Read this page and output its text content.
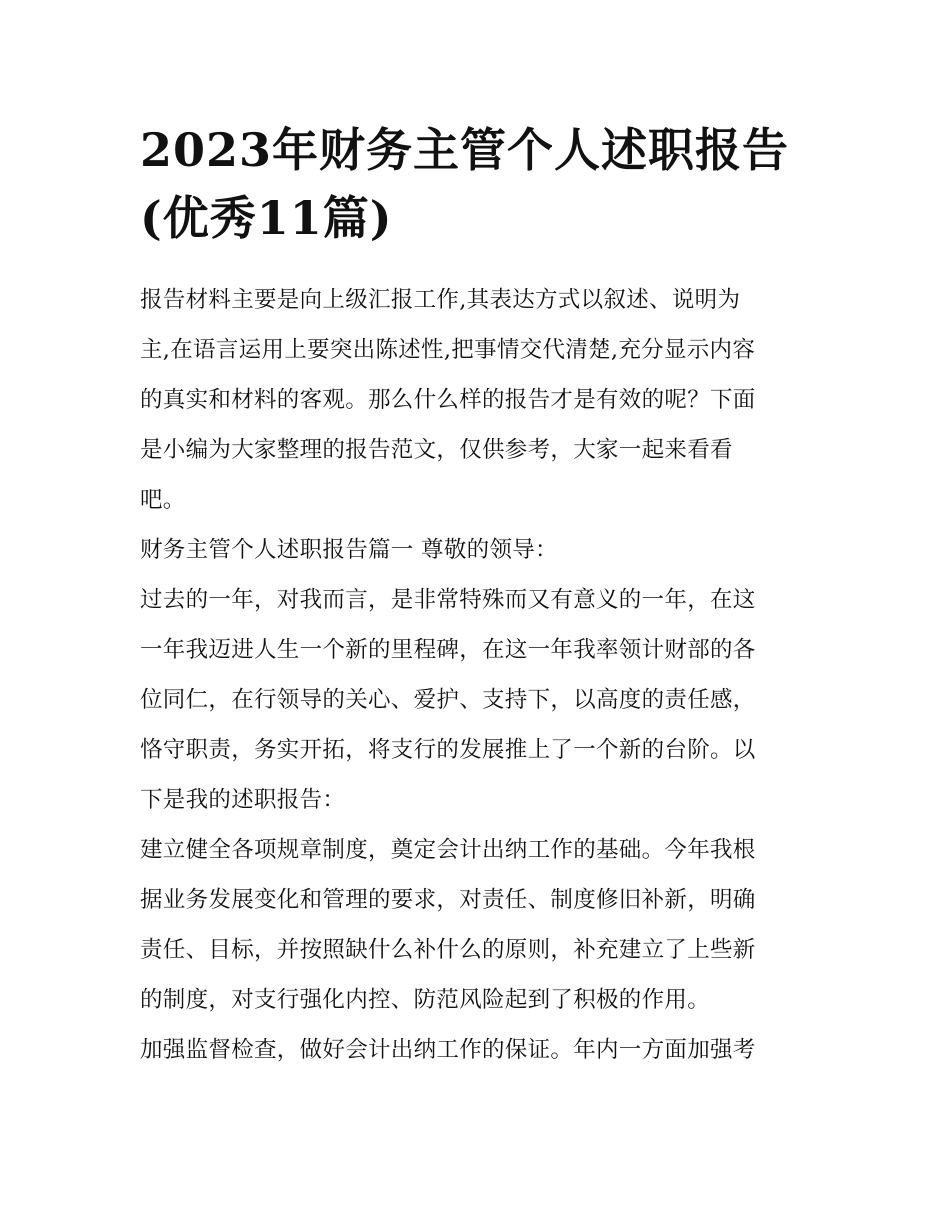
2023年财务主管个人述职报告
(优秀11篇)

报告材料主要是向上级汇报工作,其表达方式以叙述、说明为

主,在语言运用上要突出陈述性,把事情交代清楚,充分显示内容

的真实和材料的客观。那么什么样的报告才是有效的呢？下面

是小编为大家整理的报告范文，仅供参考，大家一起来看看

吧。

财务主管个人述职报告篇一 尊敬的领导：

过去的一年，对我而言，是非常特殊而又有意义的一年，在这

一年我迈进人生一个新的里程碑，在这一年我率领计财部的各

位同仁，在行领导的关心、爱护、支持下，以高度的责任感，

恪守职责，务实开拓，将支行的发展推上了一个新的台阶。以

下是我的述职报告：

建立健全各项规章制度，奠定会计出纳工作的基础。今年我根

据业务发展变化和管理的要求，对责任、制度修旧补新，明确

责任、目标，并按照缺什么补什么的原则，补充建立了上些新

的制度，对支行强化内控、防范风险起到了积极的作用。

加强监督检查，做好会计出纳工作的保证。年内一方面加强考
